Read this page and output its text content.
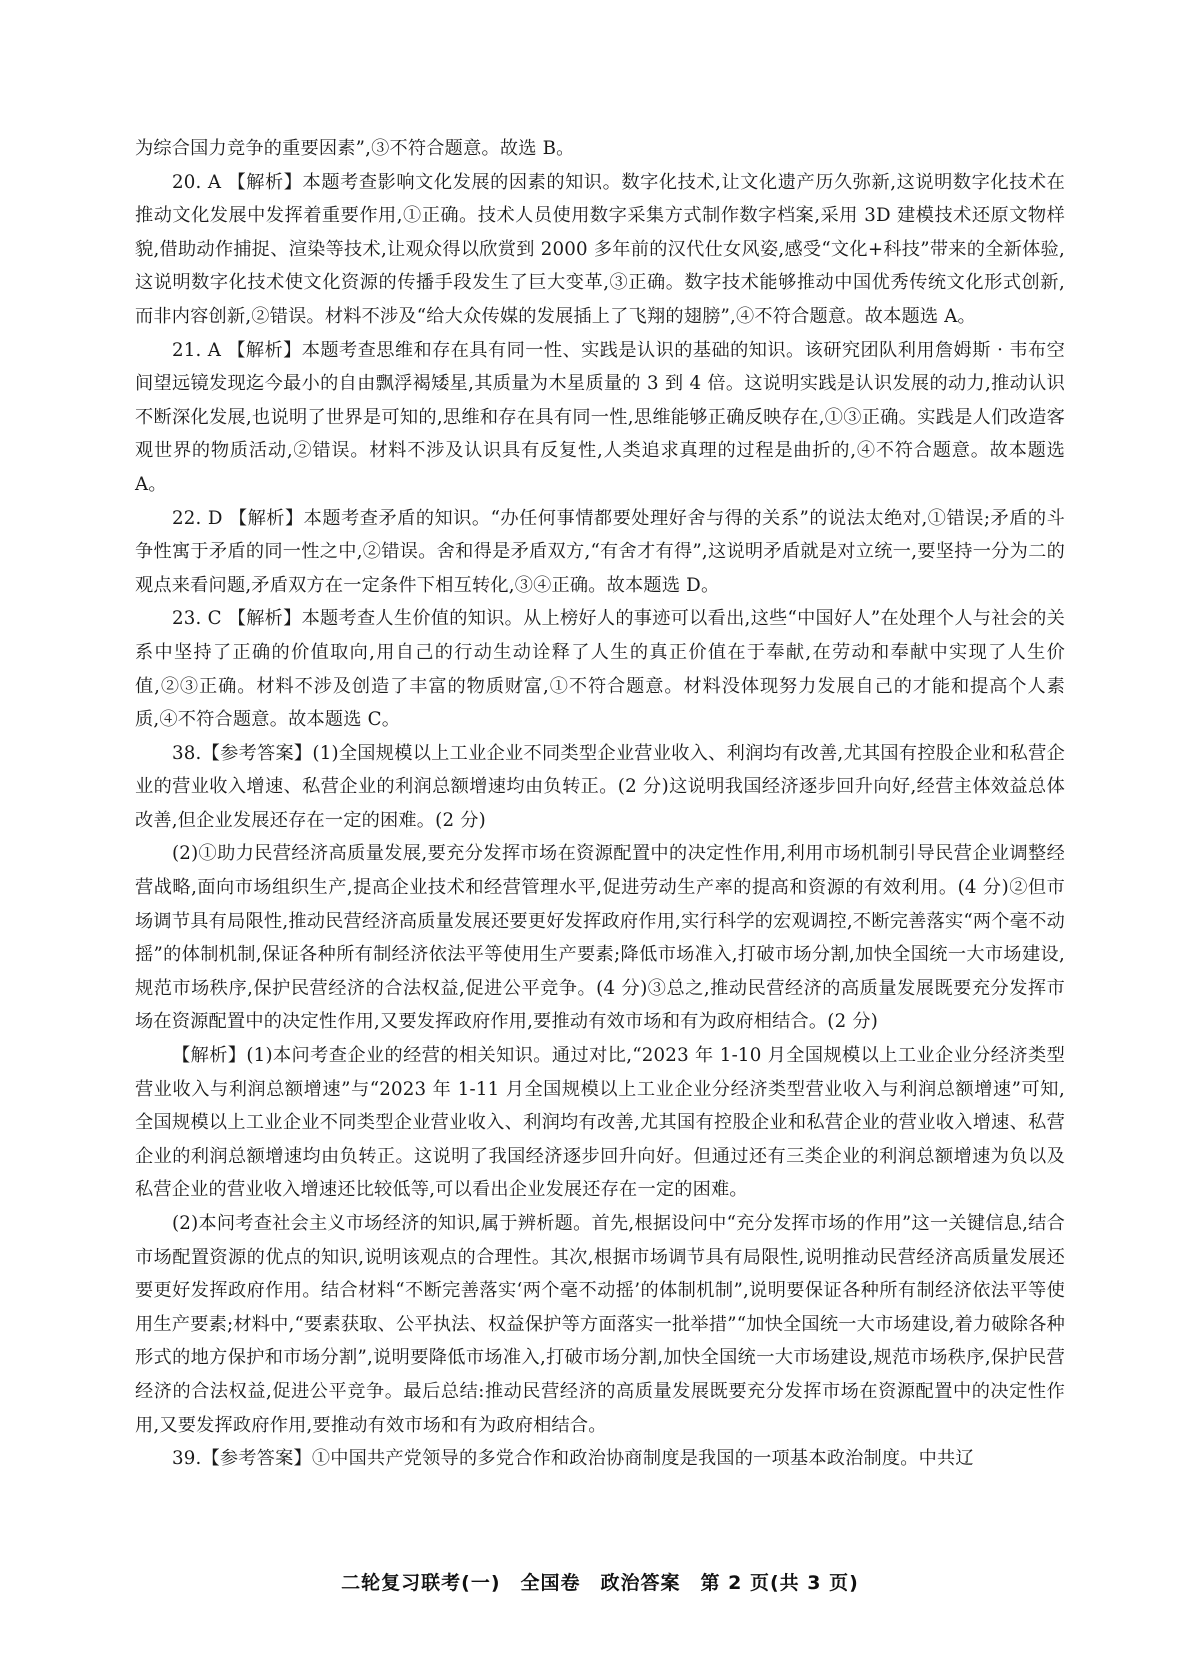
为综合国力竞争的重要因素”,③不符合题意。故选 B。

20. A 【解析】本题考查影响文化发展的因素的知识。数字化技术,让文化遗产历久弥新,这说明数字化技术在推动文化发展中发挥着重要作用,①正确。技术人员使用数字采集方式制作数字档案,采用 3D 建模技术还原文物样貌,借助动作捕捉、渲染等技术,让观众得以欣赏到 2000 多年前的汉代仕女风姿,感受“文化+科技”带来的全新体验,这说明数字化技术使文化资源的传播手段发生了巨大变革,③正确。数字技术能够推动中国优秀传统文化形式创新,而非内容创新,②错误。材料不涉及“给大众传媒的发展插上了飞翔的翅膀”,④不符合题意。故本题选 A。

21. A 【解析】本题考查思维和存在具有同一性、实践是认识的基础的知识。该研究团队利用詹姆斯 · 韦布空间望远镜发现迄今最小的自由飘浮褐矮星,其质量为木星质量的 3 到 4 倍。这说明实践是认识发展的动力,推动认识不断深化发展,也说明了世界是可知的,思维和存在具有同一性,思维能够正确反映存在,①③正确。实践是人们改造客观世界的物质活动,②错误。材料不涉及认识具有反复性,人类追求真理的过程是曲折的,④不符合题意。故本题选 A。

22. D 【解析】本题考查矛盾的知识。“办任何事情都要处理好舍与得的关系”的说法太绝对,①错误;矛盾的斗争性寓于矛盾的同一性之中,②错误。舍和得是矛盾双方,“有舍才有得”,这说明矛盾就是对立统一,要坚持一分为二的观点来看问题,矛盾双方在一定条件下相互转化,③④正确。故本题选 D。

23. C 【解析】本题考查人生价值的知识。从上榜好人的事迹可以看出,这些“中国好人”在处理个人与社会的关系中坚持了正确的价值取向,用自己的行动生动诠释了人生的真正价值在于奉献,在劳动和奉献中实现了人生价值,②③正确。材料不涉及创造了丰富的物质财富,①不符合题意。材料没体现努力发展自己的才能和提高个人素质,④不符合题意。故本题选 C。

38.【参考答案】(1)全国规模以上工业企业不同类型企业营业收入、利润均有改善,尤其国有控股企业和私营企业的营业收入增速、私营企业的利润总额增速均由负转正。(2 分)这说明我国经济逐步回升向好,经营主体效益总体改善,但企业发展还存在一定的困难。(2 分)

(2)①助力民营经济高质量发展,要充分发挥市场在资源配置中的决定性作用,利用市场机制引导民营企业调整经营战略,面向市场组织生产,提高企业技术和经营管理水平,促进劳动生产率的提高和资源的有效利用。(4 分)②但市场调节具有局限性,推动民营经济高质量发展还要更好发挥政府作用,实行科学的宏观调控,不断完善落实“两个毫不动摇”的体制机制,保证各种所有制经济依法平等使用生产要素;降低市场准入,打破市场分割,加快全国统一大市场建设,规范市场秩序,保护民营经济的合法权益,促进公平竞争。(4 分)③总之,推动民营经济的高质量发展既要充分发挥市场在资源配置中的决定性作用,又要发挥政府作用,要推动有效市场和有为政府相结合。(2 分)

【解析】(1)本问考查企业的经营的相关知识。通过对比,“2023 年 1-10 月全国规模以上工业企业分经济类型营业收入与利润总额增速”与“2023 年 1-11 月全国规模以上工业企业分经济类型营业收入与利润总额增速”可知,全国规模以上工业企业不同类型企业营业收入、利润均有改善,尤其国有控股企业和私营企业的营业收入增速、私营企业的利润总额增速均由负转正。这说明了我国经济逐步回升向好。但通过还有三类企业的利润总额增速为负以及私营企业的营业收入增速还比较低等,可以看出企业发展还存在一定的困难。

(2)本问考查社会主义市场经济的知识,属于辨析题。首先,根据设问中“充分发挥市场的作用”这一关键信息,结合市场配置资源的优点的知识,说明该观点的合理性。其次,根据市场调节具有局限性,说明推动民营经济高质量发展还要更好发挥政府作用。结合材料“不断完善落实‘两个毫不动摇’的体制机制”,说明要保证各种所有制经济依法平等使用生产要素;材料中,“要素获取、公平执法、权益保护等方面落实一批举措”“加快全国统一大市场建设,着力破除各种形式的地方保护和市场分割”,说明要降低市场准入,打破市场分割,加快全国统一大市场建设,规范市场秩序,保护民营经济的合法权益,促进公平竞争。最后总结:推动民营经济的高质量发展既要充分发挥市场在资源配置中的决定性作用,又要发挥政府作用,要推动有效市场和有为政府相结合。

39.【参考答案】①中国共产党领导的多党合作和政治协商制度是我国的一项基本政治制度。中共辽

二轮复习联考(一)　全国卷　政治答案　第 2 页(共 3 页)
